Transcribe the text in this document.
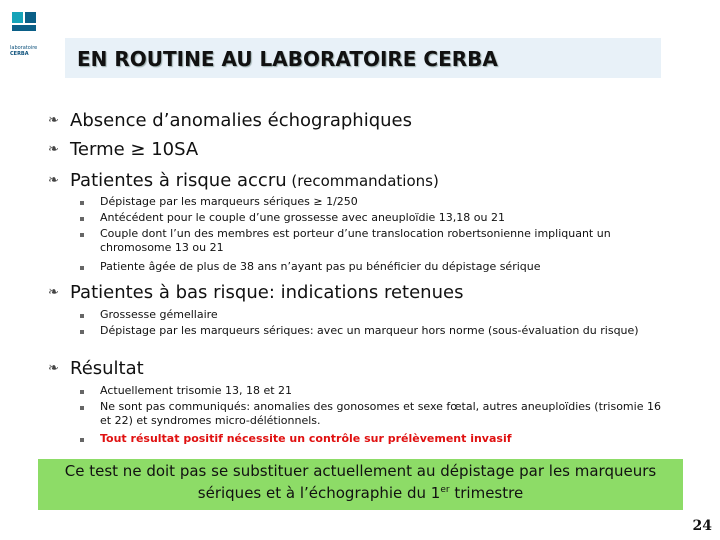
laboratoire
CERBA	EN ROUTINE AU LABORATOIRE CERBA
❧ Absence d’anomalies échographiques
❧ Terme ≥ 10SA
❧ Patientes à risque accru (recommandations)
Dépistage par les marqueurs sériques ≥ 1/250
Antécédent pour le couple d’une grossesse avec aneuploïdie 13,18 ou 21
Couple dont l’un des membres est porteur d’une translocation robertsonienne impliquant un chromosome 13 ou 21
Patiente âgée de plus de 38 ans n’ayant pas pu bénéficier du dépistage sérique
❧ Patientes à bas risque: indications retenues
Grossesse gémellaire
Dépistage par les marqueurs sériques: avec un marqueur hors norme (sous-évaluation du risque)
❧ Résultat
Actuellement trisomie 13, 18 et 21
Ne sont pas communiqués: anomalies des gonosomes et sexe fœtal, autres aneuploïdies (trisomie 16 et 22) et syndromes micro-délétionnels.
Tout résultat positif nécessite un contrôle sur prélèvement invasif
Ce test ne doit pas se substituer actuellement au dépistage par les marqueurs
sériques et à l’échographie du 1er trimestre
24
